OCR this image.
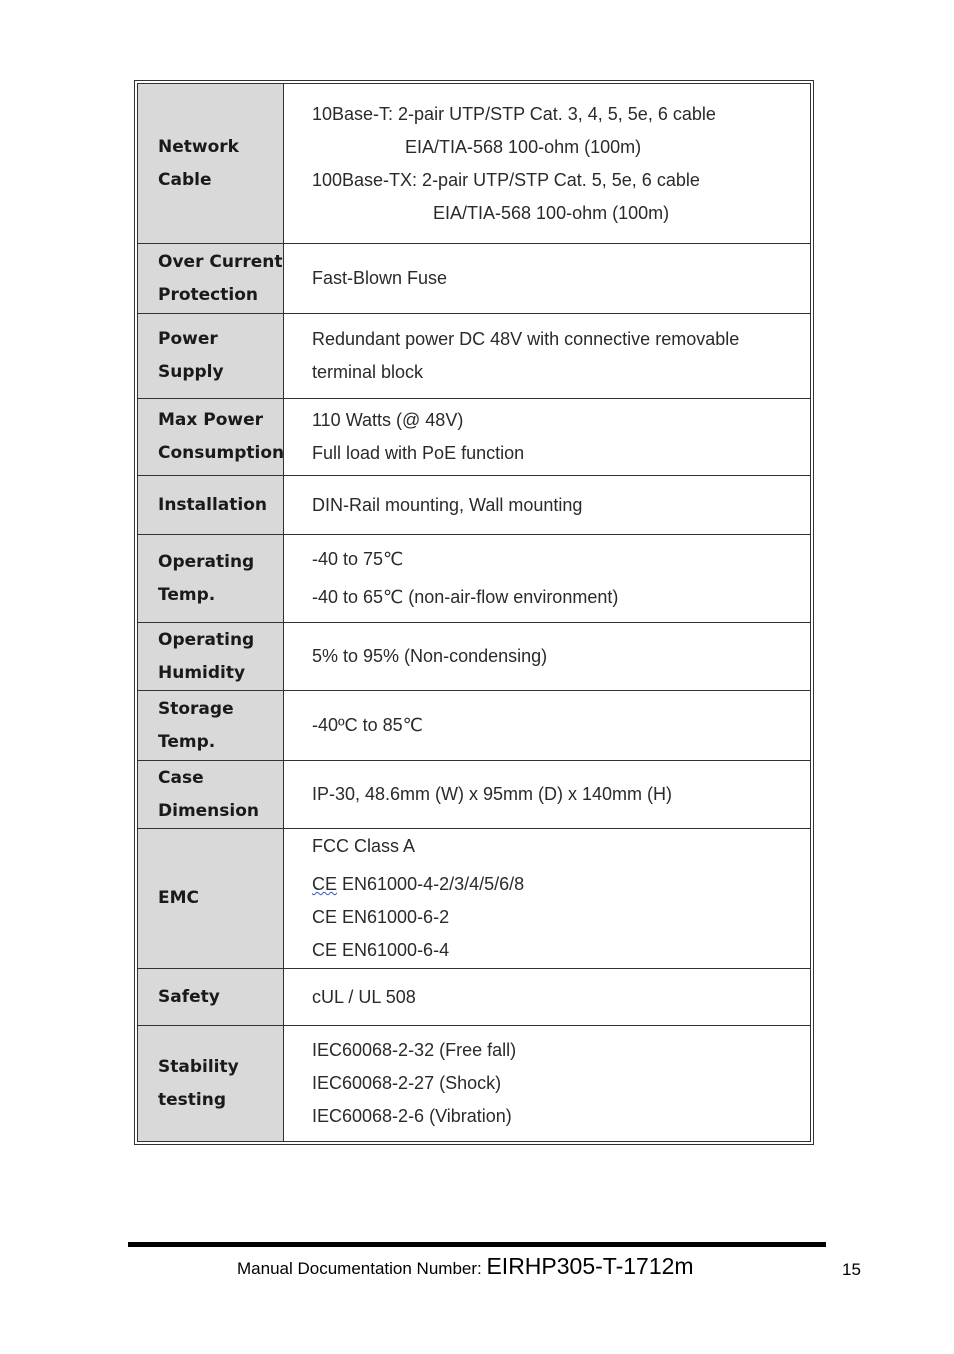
Network
Cable	10Base-T: 2-pair UTP/STP Cat. 3, 4, 5, 5e, 6 cable
EIA/TIA-568 100-ohm (100m)
100Base-TX: 2-pair UTP/STP Cat. 5, 5e, 6 cable
EIA/TIA-568 100-ohm (100m)

Over Current
Protection	Fast-Blown Fuse

Power
Supply	Redundant power DC 48V with connective removable
terminal block

Max Power
Consumption	110 Watts (@ 48V)
Full load with PoE function

Installation	DIN-Rail mounting, Wall mounting

Operating
Temp.	-40 to 75℃
-40 to 65℃ (non-air-flow environment)

Operating
Humidity	5% to 95% (Non-condensing)

Storage
Temp.	-40ºC to 85℃

Case
Dimension	IP-30, 48.6mm (W) x 95mm (D) x 140mm (H)

EMC	FCC Class A
CE EN61000-4-2/3/4/5/6/8
CE EN61000-6-2
CE EN61000-6-4

Safety	cUL / UL 508

Stability
testing	IEC60068-2-32 (Free fall)
IEC60068-2-27 (Shock)
IEC60068-2-6 (Vibration)
Manual Documentation Number: EIRHP305-T-1712m	15
